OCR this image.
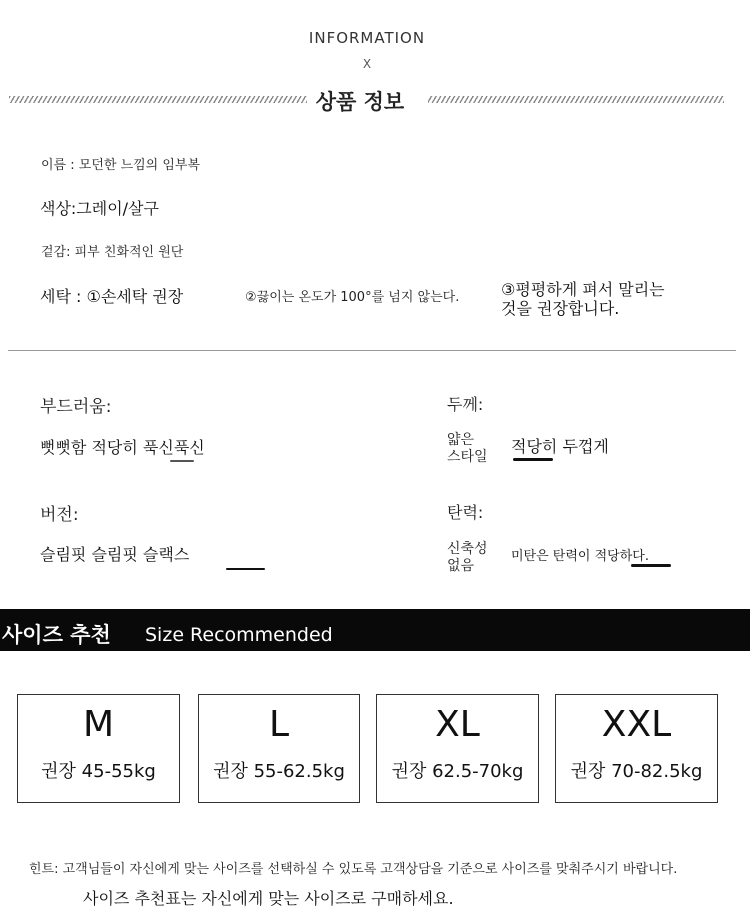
INFORMATION
X
상품 정보
이름 : 모던한 느낌의 임부복
색상:그레이/살구
겉감: 피부 친화적인 원단
세탁 : ①손세탁 권장	②끓이는 온도가 100°를 넘지 않는다.	③평평하게 펴서 말리는
것을 권장합니다.
부드러움:
뻣뻣함 적당히 푹신푹신
두께:
얇은
스타일
적당히 두껍게
버전:
슬림핏 슬림핏 슬랙스
탄력:
신축성
없음
미탄은 탄력이 적당하다.
사이즈 추천 Size Recommended
M
권장 45-55kg
L
권장 55-62.5kg
XL
권장 62.5-70kg
XXL
권장 70-82.5kg
힌트: 고객님들이 자신에게 맞는 사이즈를 선택하실 수 있도록 고객상담을 기준으로 사이즈를 맞춰주시기 바랍니다.
사이즈 추천표는 자신에게 맞는 사이즈로 구매하세요.
